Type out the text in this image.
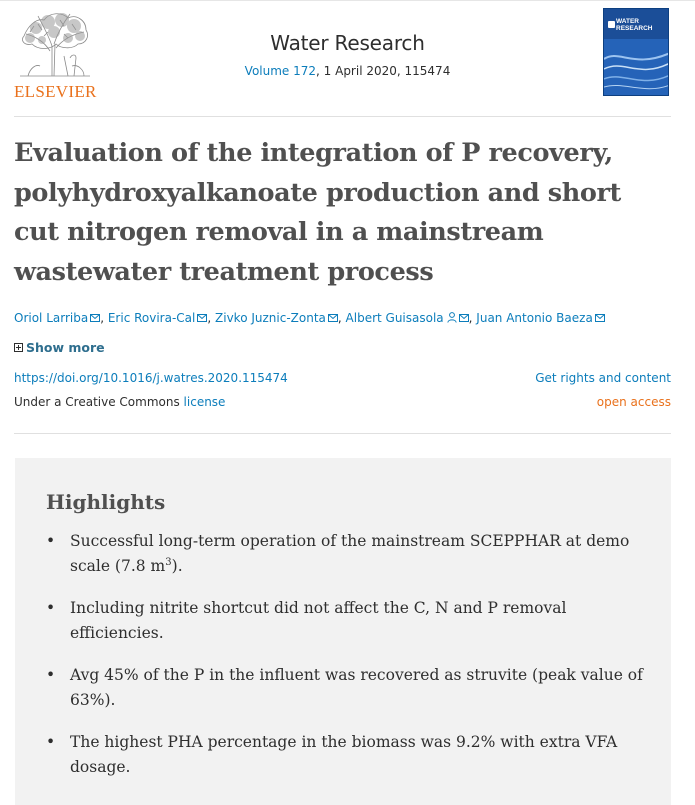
ELSEVIER
Water Research
Volume 172, 1 April 2020, 115474
WATER RESEARCH
Evaluation of the integration of P recovery, polyhydroxyalkanoate production and short cut nitrogen removal in a mainstream wastewater treatment process
Oriol Larriba , Eric Rovira-Cal , Zivko Juznic-Zonta , Albert Guisasola , Juan Antonio Baeza
Show more
https://doi.org/10.1016/j.watres.2020.115474	Get rights and content
Under a Creative Commons license	open access
Highlights
• Successful long-term operation of the mainstream SCEPPHAR at demo scale (7.8 $m^3$).
• Including nitrite shortcut did not affect the C, N and P removal efficiencies.
• Avg 45% of the P in the influent was recovered as struvite (peak value of 63%).
• The highest PHA percentage in the biomass was 9.2% with extra VFA dosage.
